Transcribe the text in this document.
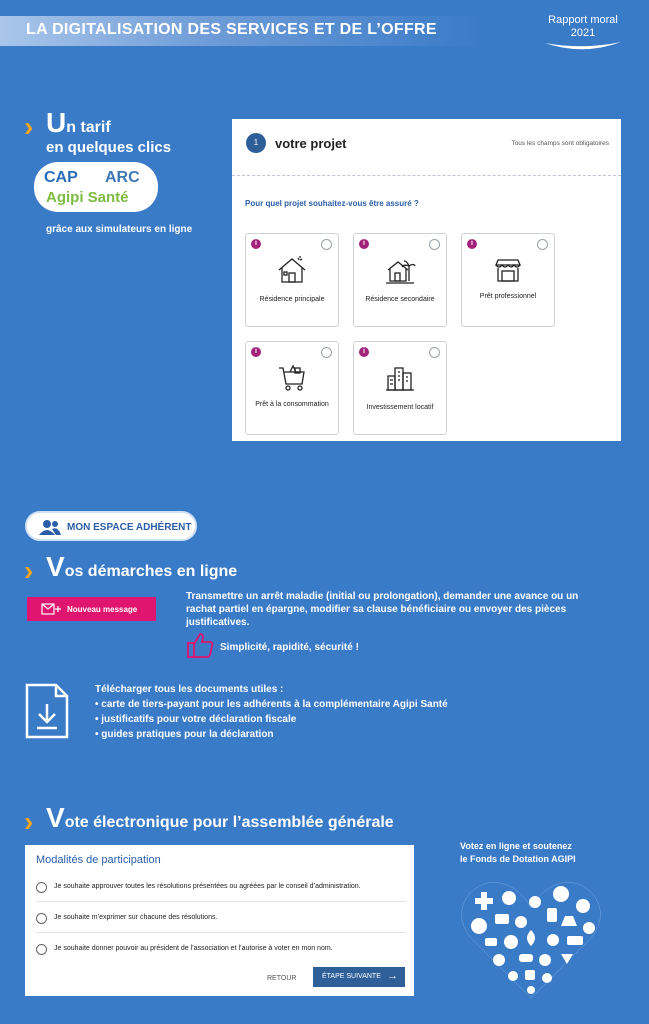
LA DIGITALISATION DES SERVICES ET DE L’OFFRE
Rapport moral
2021
› Un tarif
en quelques clics
CAP ARC
Agipi Santé
grâce aux simulateurs en ligne
1	votre projet	Tous les champs sont obligatoires
Pour quel projet souhaitez-vous être assuré ?
i
Résidence principale
i
Résidence secondaire
i
Prêt professionnel
i
Prêt à la consommation
i
Investissement locatif
MON ESPACE ADHÉRENT
› Vos démarches en ligne
Nouveau message
Transmettre un arrêt maladie (initial ou prolongation), demander une avance ou un rachat partiel en épargne, modifier sa clause bénéficiaire ou envoyer des pièces justificatives.
Simplicité, rapidité, sécurité !
Télécharger tous les documents utiles :
• carte de tiers-payant pour les adhérents à la complémentaire Agipi Santé
• justificatifs pour votre déclaration fiscale
• guides pratiques pour la déclaration
› Vote électronique pour l’assemblée générale
Modalités de participation
Je souhaite approuver toutes les résolutions présentées ou agréées par le conseil d’administration.
Je souhaite m’exprimer sur chacune des résolutions.
Je souhaite donner pouvoir au président de l’association et l’autorise à voter en mon nom.
RETOUR	ÉTAPE SUIVANTE →
Votez en ligne et soutenez
le Fonds de Dotation AGIPI
